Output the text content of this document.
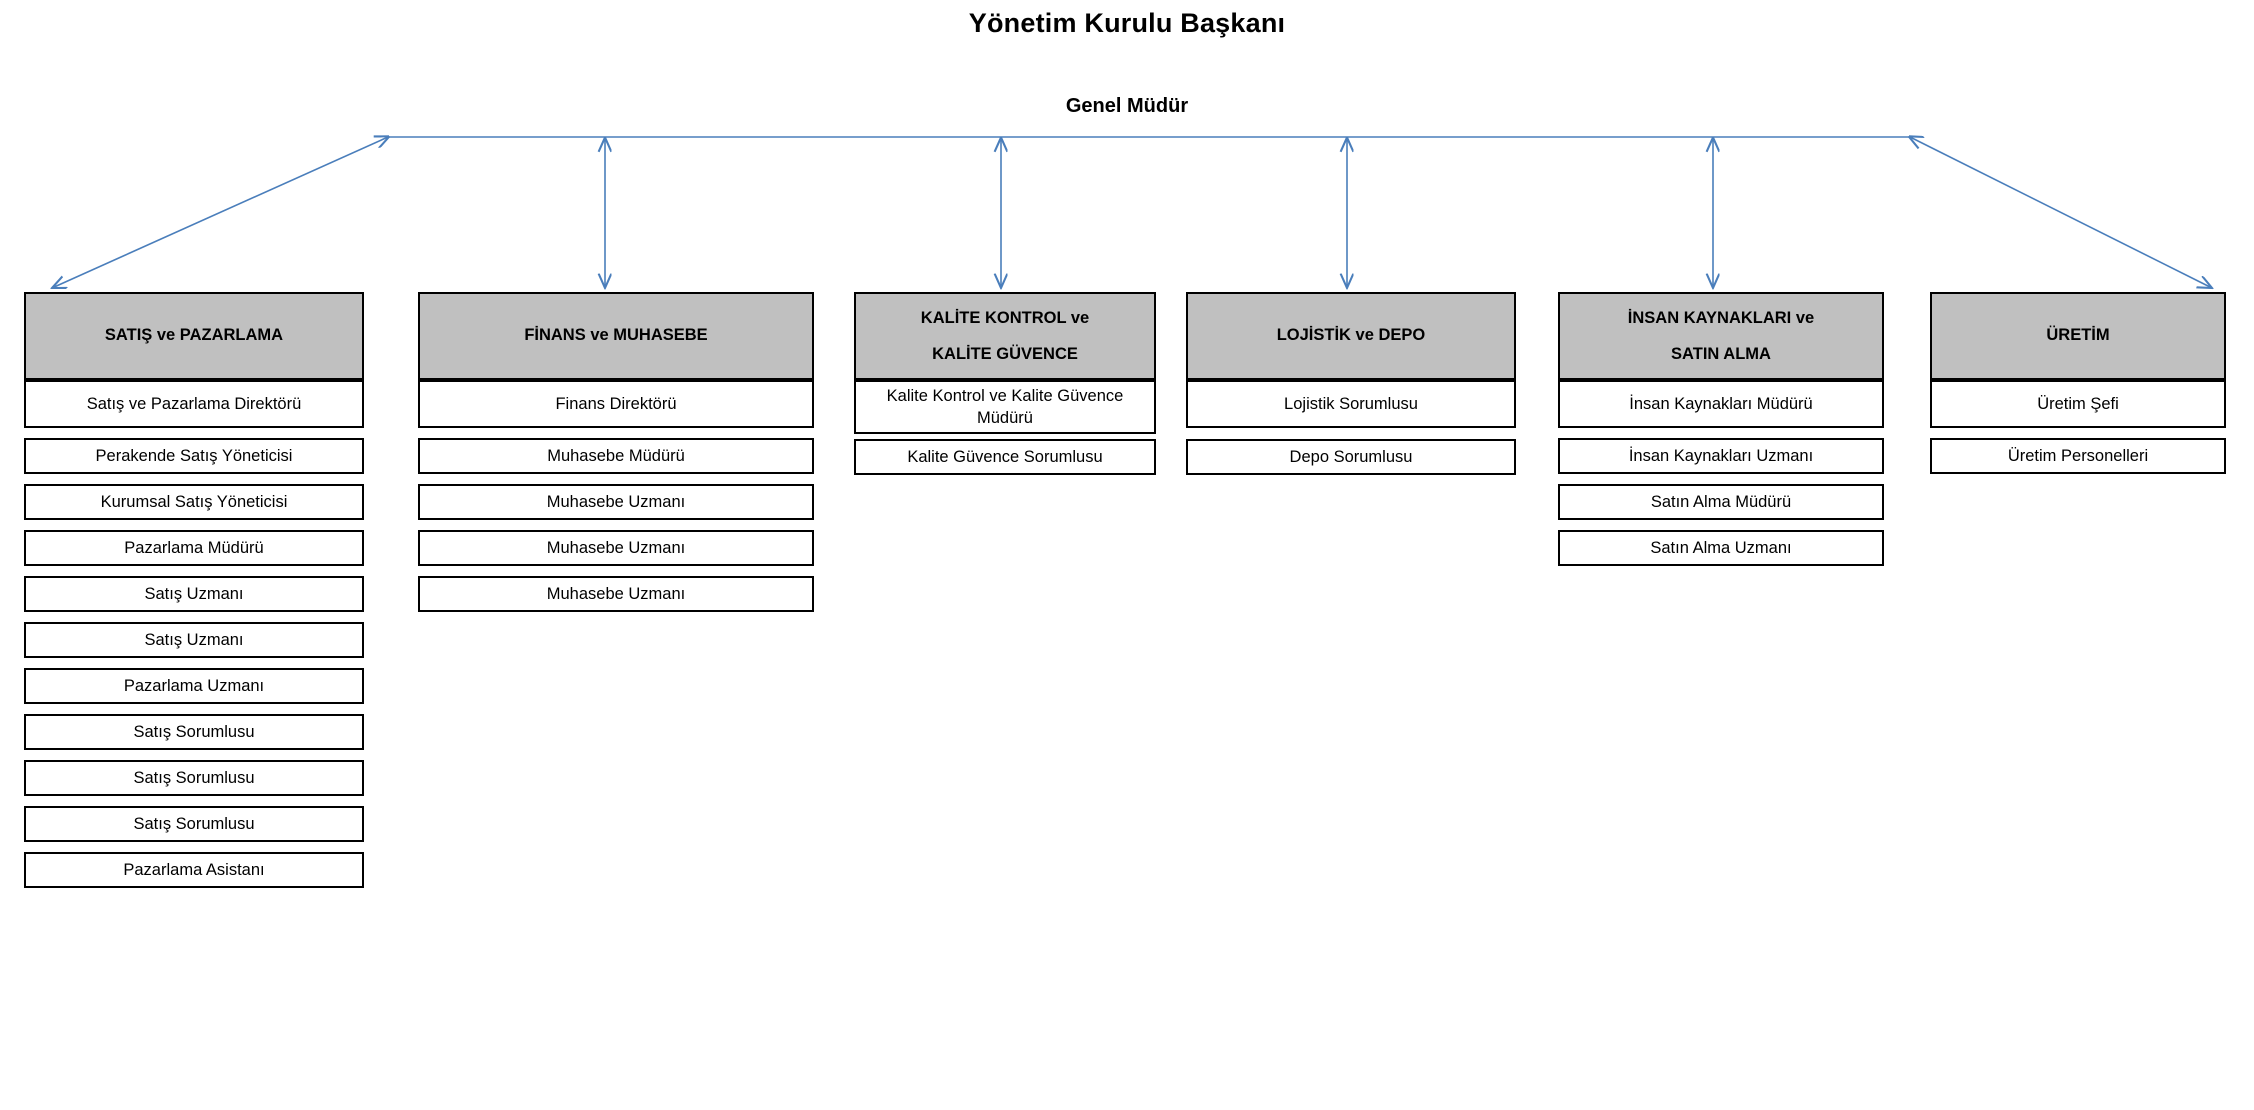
Yönetim Kurulu Başkanı
Genel Müdür
SATIŞ ve PAZARLAMA
Satış ve Pazarlama Direktörü
Perakende Satış Yöneticisi
Kurumsal Satış Yöneticisi
Pazarlama Müdürü
Satış Uzmanı
Satış Uzmanı
Pazarlama Uzmanı
Satış Sorumlusu
Satış Sorumlusu
Satış Sorumlusu
Pazarlama Asistanı
FİNANS ve MUHASEBE
Finans Direktörü
Muhasebe Müdürü
Muhasebe Uzmanı
Muhasebe Uzmanı
Muhasebe Uzmanı
KALİTE KONTROL ve
KALİTE GÜVENCE
Kalite Kontrol ve Kalite Güvence Müdürü
Kalite Güvence Sorumlusu
LOJİSTİK ve DEPO
Lojistik Sorumlusu
Depo Sorumlusu
İNSAN KAYNAKLARI ve
SATIN ALMA
İnsan Kaynakları Müdürü
İnsan Kaynakları Uzmanı
Satın Alma Müdürü
Satın Alma Uzmanı
ÜRETİM
Üretim Şefi
Üretim Personelleri
